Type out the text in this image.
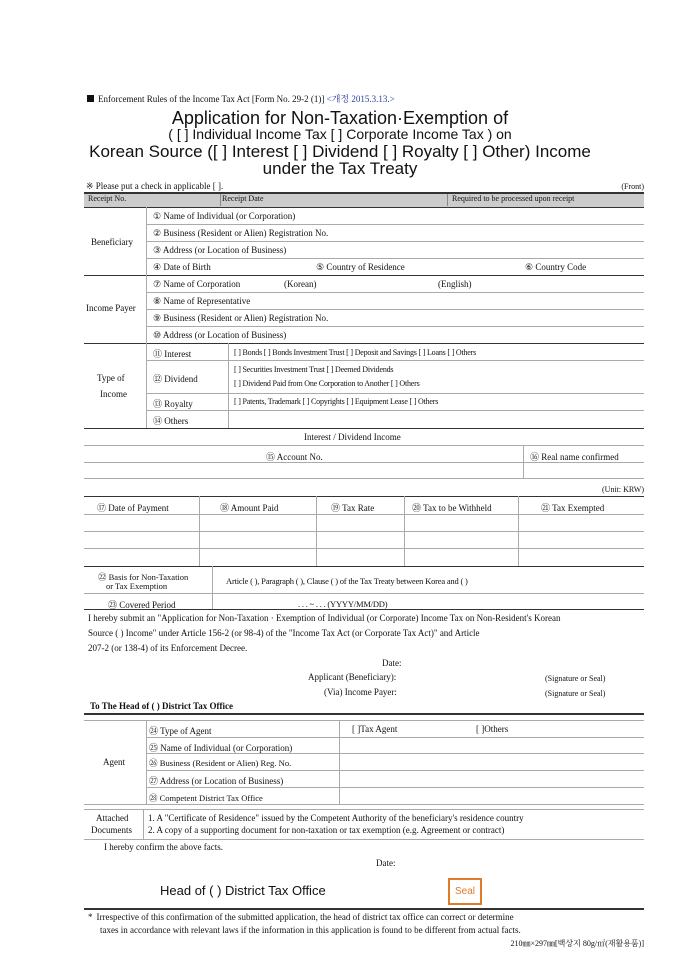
Enforcement Rules of the Income Tax Act [Form No. 29-2 (1)] <개정 2015.3.13.>
Application for Non-Taxation·Exemption of
( [ ] Individual Income Tax [ ] Corporate Income Tax ) on
Korean Source ([ ] Interest [ ] Dividend [ ] Royalty [ ] Other) Income
under the Tax Treaty
※ Please put a check in applicable [ ].	(Front)
Receipt No.	Receipt Date	Required to be processed upon receipt
Beneficiary
① Name of Individual (or Corporation)
② Business (Resident or Alien) Registration No.
③ Address (or Location of Business)
④ Date of Birth	⑤ Country of Residence	⑥ Country Code
Income Payer
⑦ Name of Corporation	(Korean)	(English)
⑧ Name of Representative
⑨ Business (Resident or Alien) Registration No.
⑩ Address (or Location of Business)
Type of
Income
⑪ Interest	[ ] Bonds [ ] Bonds Investment Trust [ ] Deposit and Savings [ ] Loans [ ] Others
⑫ Dividend
[ ] Securities Investment Trust [ ] Deemed Dividends
[ ] Dividend Paid from One Corporation to Another [ ] Others
⑬ Royalty	[ ] Patents, Trademark [ ] Copyrights [ ] Equipment Lease [ ] Others
⑭ Others
Interest / Dividend Income
⑮ Account No.	⑯ Real name confirmed
(Unit: KRW)
⑰ Date of Payment	⑱ Amount Paid	⑲ Tax Rate	⑳ Tax to be Withheld	㉑ Tax Exempted
㉒ Basis for Non-Taxation
or Tax Exemption	Article ( ), Paragraph ( ), Clause ( ) of the Tax Treaty between Korea and ( )
㉓ Covered Period	. . . ~ . . . (YYYY/MM/DD)
I hereby submit an "Application for Non-Taxation · Exemption of Individual (or Corporate) Income Tax on Non-Resident's Korean
Source ( ) Income" under Article 156-2 (or 98-4) of the "Income Tax Act (or Corporate Tax Act)" and Article
207-2 (or 138-4) of its Enforcement Decree.
Date:
Applicant (Beneficiary):	(Signature or Seal)
(Via) Income Payer:	(Signature or Seal)
To The Head of ( ) District Tax Office
Agent
㉔ Type of Agent	[ ]Tax Agent	[ ]Others
㉕ Name of Individual (or Corporation)
㉖ Business (Resident or Alien) Reg. No.
㉗ Address (or Location of Business)
㉘ Competent District Tax Office
Attached
Documents
1. A "Certificate of Residence" issued by the Competent Authority of the beneficiary's residence country
2. A copy of a supporting document for non-taxation or tax exemption (e.g. Agreement or contract)
I hereby confirm the above facts.
Date:
Head of ( ) District Tax Office	Seal
* Irrespective of this confirmation of the submitted application, the head of district tax office can correct or determine
taxes in accordance with relevant laws if the information in this application is found to be different from actual facts.
210㎜×297㎜[백상지 80g/㎡(재활용품)]
